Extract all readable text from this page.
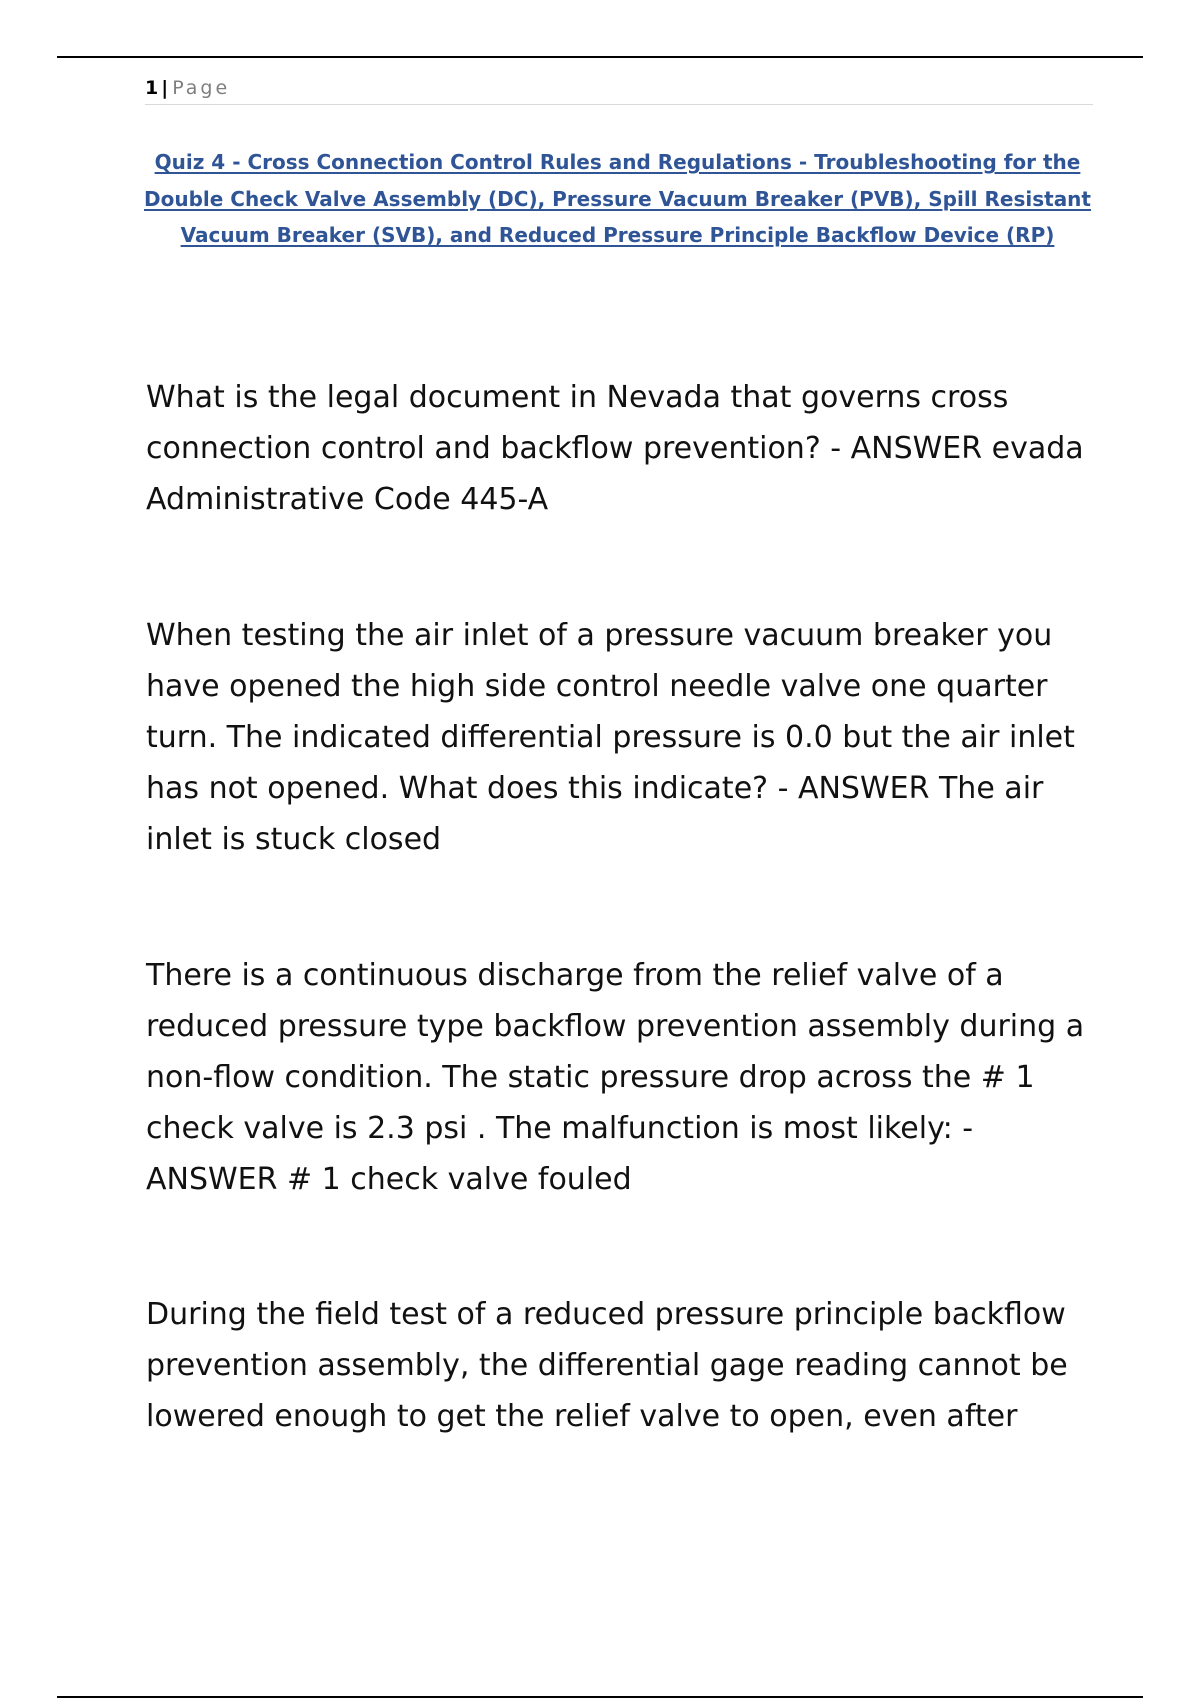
1 | Page

Quiz 4 - Cross Connection Control Rules and Regulations - Troubleshooting for the Double Check Valve Assembly (DC), Pressure Vacuum Breaker (PVB), Spill Resistant Vacuum Breaker (SVB), and Reduced Pressure Principle Backflow Device (RP)

What is the legal document in Nevada that governs cross connection control and backflow prevention? - ANSWER evada Administrative Code 445-A

When testing the air inlet of a pressure vacuum breaker you have opened the high side control needle valve one quarter turn. The indicated differential pressure is 0.0 but the air inlet has not opened. What does this indicate? - ANSWER The air inlet is stuck closed

There is a continuous discharge from the relief valve of a reduced pressure type backflow prevention assembly during a non-flow condition. The static pressure drop across the # 1 check valve is 2.3 psi . The malfunction is most likely: - ANSWER # 1 check valve fouled

During the field test of a reduced pressure principle backflow prevention assembly, the differential gage reading cannot be lowered enough to get the relief valve to open, even after
